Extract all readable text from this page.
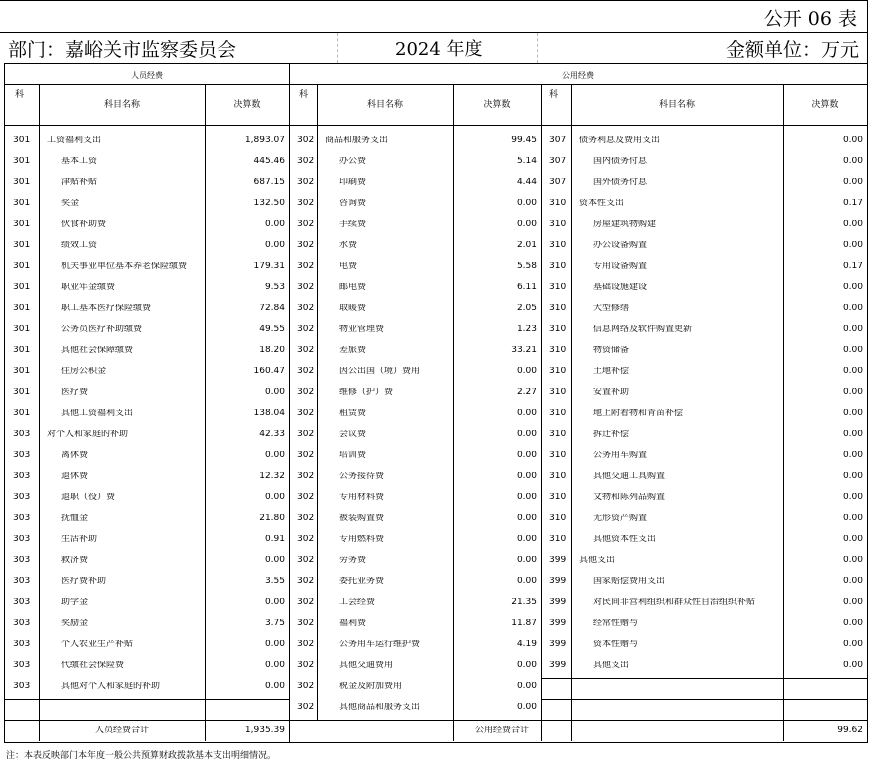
公开 06 表
部门：嘉峪关市监察委员会	2024 年度	金额单位：万元
人员经费	公用经费
科
科目名称	决算数
科
科目名称	决算数
科
科目名称	决算数
301	工资福利支出	1,893.07 302	商品和服务支出	99.45 307	债务利息及费用支出	0.00
301	基本工资	445.46 302	办公费	5.14 307	国内债务付息	0.00
301	津贴补贴	687.15 302	印刷费	4.44 307	国外债务付息	0.00
301	奖金	132.50 302	咨询费	0.00 310	资本性支出	0.17
301	伙食补助费	0.00 302	手续费	0.00 310	房屋建筑物购建	0.00
301	绩效工资	0.00 302	水费	2.01 310	办公设备购置	0.00
301	机关事业单位基本养老保险缴费	179.31 302	电费	5.58 310	专用设备购置	0.17
301	职业年金缴费	9.53 302	邮电费	6.11 310	基础设施建设	0.00
301	职工基本医疗保险缴费	72.84 302	取暖费	2.05 310	大型修缮	0.00
301	公务员医疗补助缴费	49.55 302	物业管理费	1.23 310	信息网络及软件购置更新	0.00
301	其他社会保障缴费	18.20 302	差旅费	33.21 310	物资储备	0.00
301	住房公积金	160.47 302	因公出国（境）费用	0.00 310	土地补偿	0.00
301	医疗费	0.00 302	维修（护）费	2.27 310	安置补助	0.00
301	其他工资福利支出	138.04 302	租赁费	0.00 310	地上附着物和青苗补偿	0.00
303	对个人和家庭的补助	42.33 302	会议费	0.00 310	拆迁补偿	0.00
303	离休费	0.00 302	培训费	0.00 310	公务用车购置	0.00
303	退休费	12.32 302	公务接待费	0.00 310	其他交通工具购置	0.00
303	退职（役）费	0.00 302	专用材料费	0.00 310	文物和陈列品购置	0.00
303	抚恤金	21.80 302	被装购置费	0.00 310	无形资产购置	0.00
303	生活补助	0.91 302	专用燃料费	0.00 310	其他资本性支出	0.00
303	救济费	0.00 302	劳务费	0.00 399	其他支出	0.00
303	医疗费补助	3.55 302	委托业务费	0.00 399	国家赔偿费用支出	0.00
303	助学金	0.00 302	工会经费	21.35 399	对民间非营利组织和群众性自治组织补贴	0.00
303	奖励金	3.75 302	福利费	11.87 399	经常性赠与	0.00
303	个人农业生产补贴	0.00 302	公务用车运行维护费	4.19 399	资本性赠与	0.00
303	代缴社会保险费	0.00 302	其他交通费用	0.00 399	其他支出	0.00
303	其他对个人和家庭的补助	0.00 302	税金及附加费用	0.00
302	其他商品和服务支出	0.00
人员经费合计	1,935.39	公用经费合计	99.62
注：本表反映部门本年度一般公共预算财政拨款基本支出明细情况。
